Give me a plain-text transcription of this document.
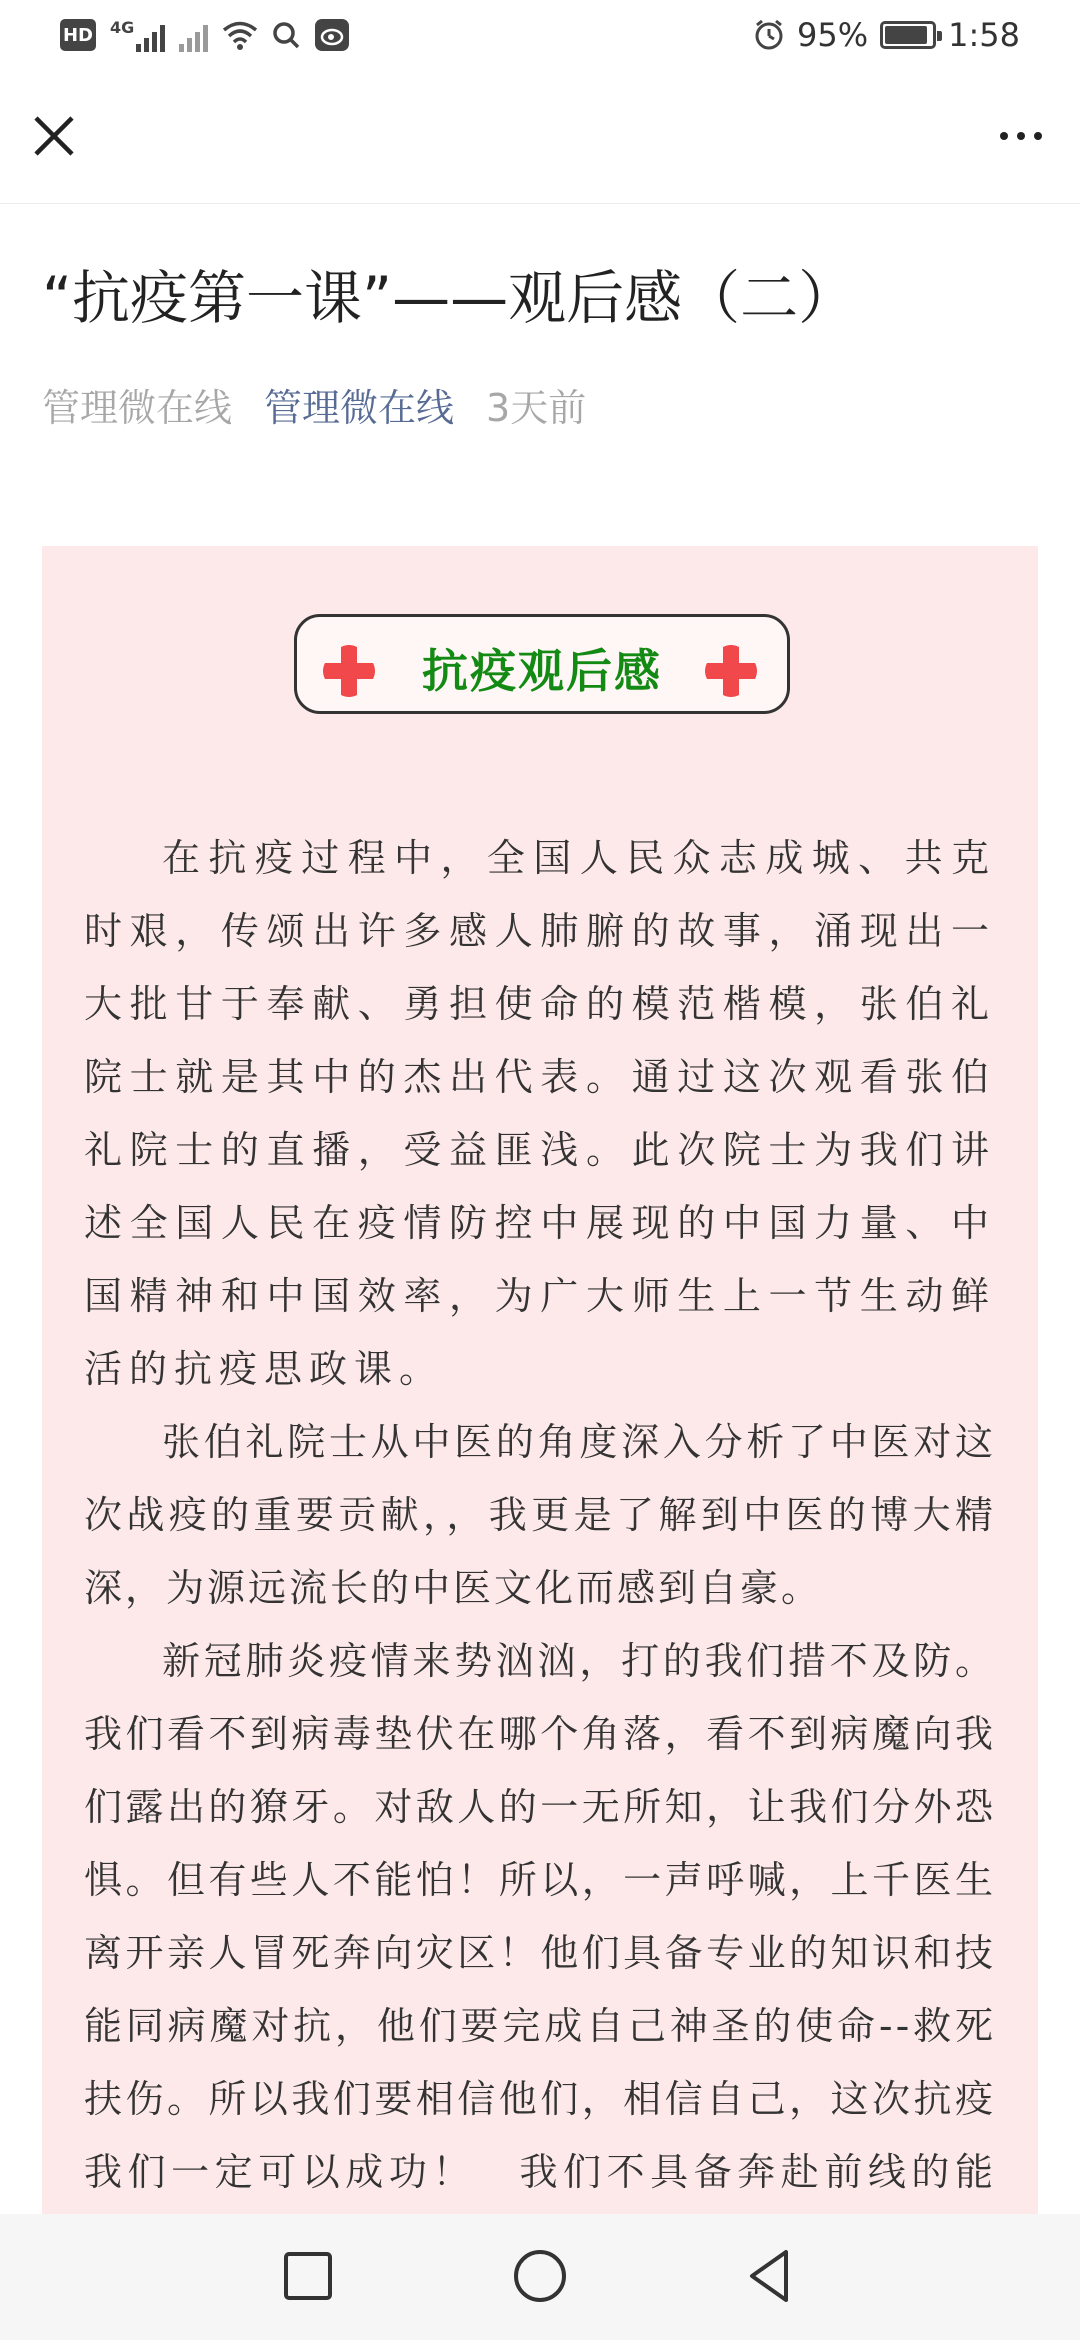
HD 4G	95%	1:58
“抗疫第一课”——观后感（二）
管理微在线 管理微在线 3天前
抗疫观后感

在抗疫过程中，全国人民众志成城、共克时艰，传颂出许多感人肺腑的故事，涌现出一大批甘于奉献、勇担使命的模范楷模，张伯礼院士就是其中的杰出代表。通过这次观看张伯礼院士的直播，受益匪浅。此次院士为我们讲述全国人民在疫情防控中展现的中国力量、中国精神和中国效率，为广大师生上一节生动鲜活的抗疫思政课。

张伯礼院士从中医的角度深入分析了中医对这次战疫的重要贡献，，我更是了解到中医的博大精深，为源远流长的中医文化而感到自豪。

新冠肺炎疫情来势汹汹，打的我们措不及防。我们看不到病毒垫伏在哪个角落，看不到病魔向我们露出的獠牙。对敌人的一无所知，让我们分外恐惧。但有些人不能怕！所以，一声呼喊，上千医生离开亲人冒死奔向灾区！他们具备专业的知识和技能同病魔对抗，他们要完成自己神圣的使命--救死扶伤。所以我们要相信他们，相信自己，这次抗疫我们一定可以成功！　我们不具备奔赴前线的能
